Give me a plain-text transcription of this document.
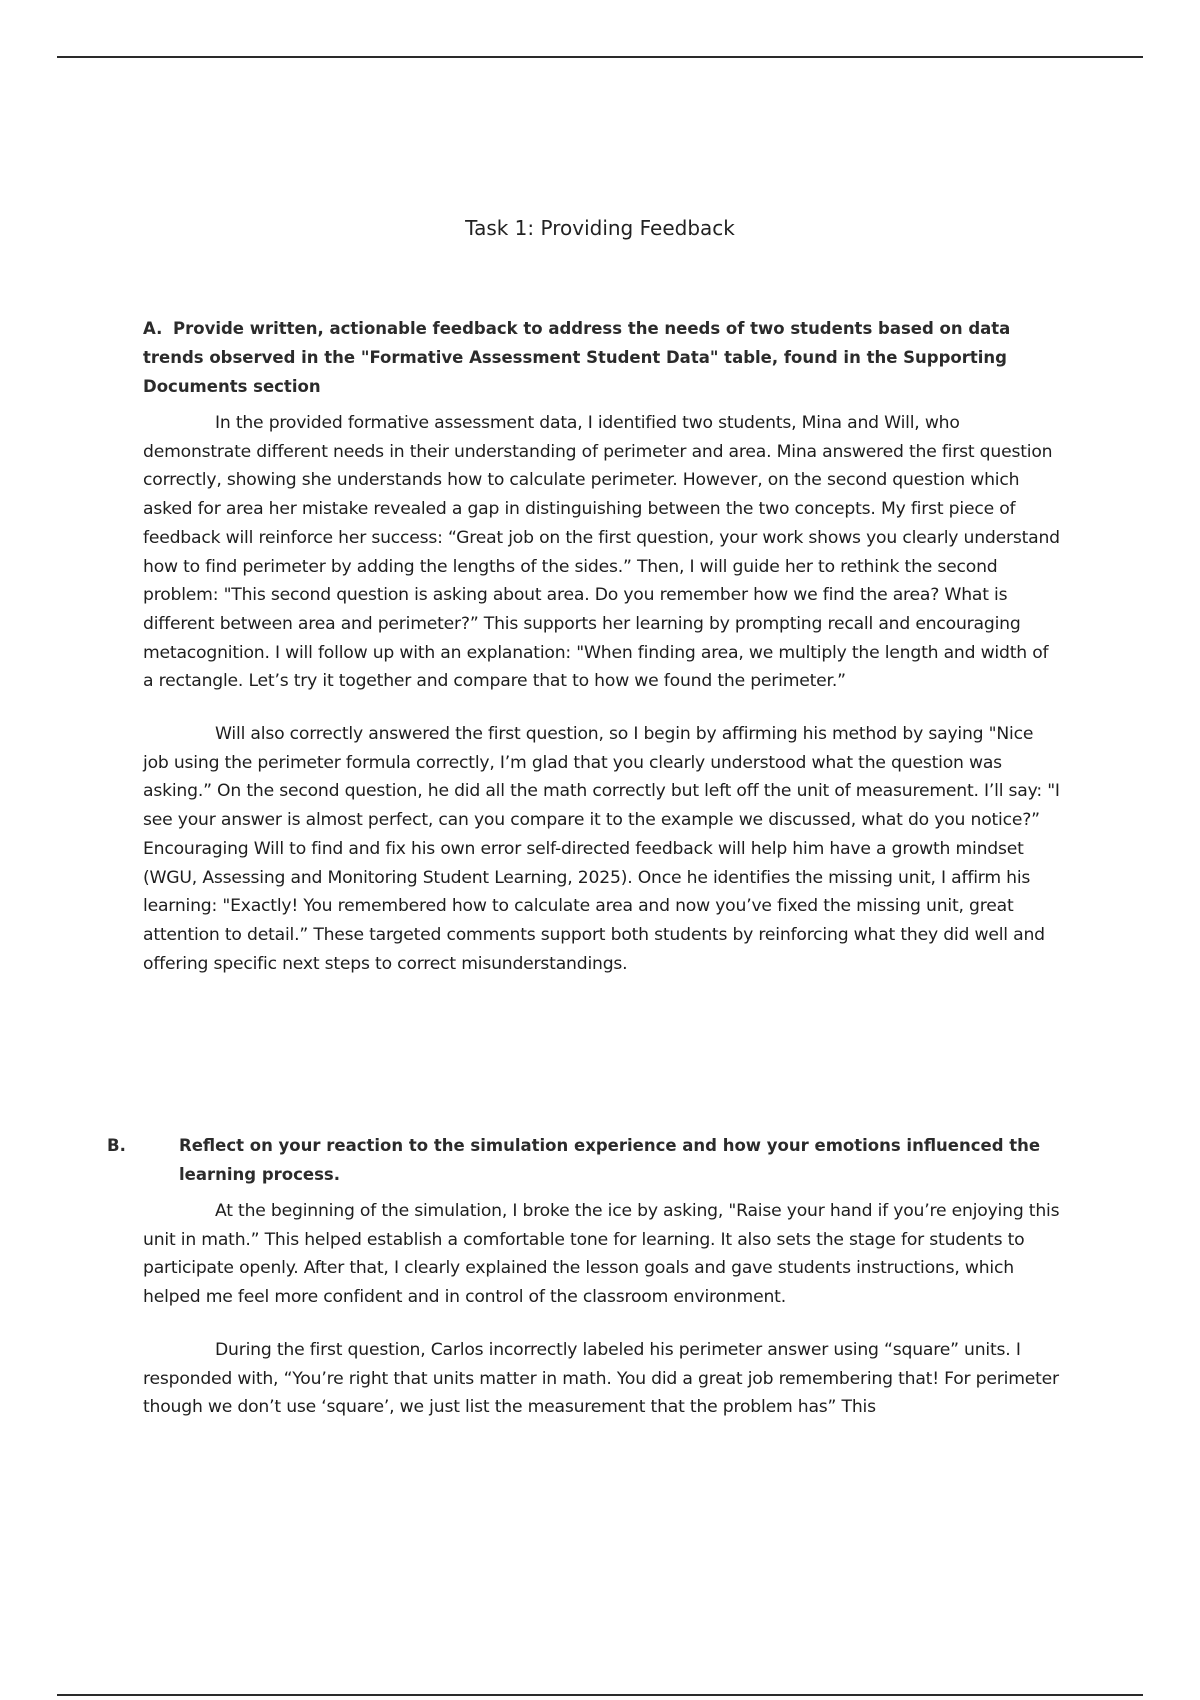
Task 1: Providing Feedback

A. Provide written, actionable feedback to address the needs of two students based on data trends observed in the "Formative Assessment Student Data" table, found in the Supporting Documents section

In the provided formative assessment data, I identified two students, Mina and Will, who demonstrate different needs in their understanding of perimeter and area. Mina answered the first question correctly, showing she understands how to calculate perimeter. However, on the second question which asked for area her mistake revealed a gap in distinguishing between the two concepts. My first piece of feedback will reinforce her success: “Great job on the first question, your work shows you clearly understand how to find perimeter by adding the lengths of the sides.” Then, I will guide her to rethink the second problem: "This second question is asking about area. Do you remember how we find the area? What is different between area and perimeter?” This supports her learning by prompting recall and encouraging metacognition. I will follow up with an explanation: "When finding area, we multiply the length and width of a rectangle. Let’s try it together and compare that to how we found the perimeter.”

Will also correctly answered the first question, so I begin by affirming his method by saying "Nice job using the perimeter formula correctly, I’m glad that you clearly understood what the question was asking.” On the second question, he did all the math correctly but left off the unit of measurement. I’ll say: "I see your answer is almost perfect, can you compare it to the example we discussed, what do you notice?” Encouraging Will to find and fix his own error self-directed feedback will help him have a growth mindset (WGU, Assessing and Monitoring Student Learning, 2025). Once he identifies the missing unit, I affirm his learning: "Exactly! You remembered how to calculate area and now you’ve fixed the missing unit, great attention to detail.” These targeted comments support both students by reinforcing what they did well and offering specific next steps to correct misunderstandings.

B.	Reflect on your reaction to the simulation experience and how your emotions influenced the learning process.

At the beginning of the simulation, I broke the ice by asking, "Raise your hand if you’re enjoying this unit in math.” This helped establish a comfortable tone for learning. It also sets the stage for students to participate openly. After that, I clearly explained the lesson goals and gave students instructions, which helped me feel more confident and in control of the classroom environment.

During the first question, Carlos incorrectly labeled his perimeter answer using “square” units. I responded with, “You’re right that units matter in math. You did a great job remembering that! For perimeter though we don’t use ‘square’, we just list the measurement that the problem has” This
